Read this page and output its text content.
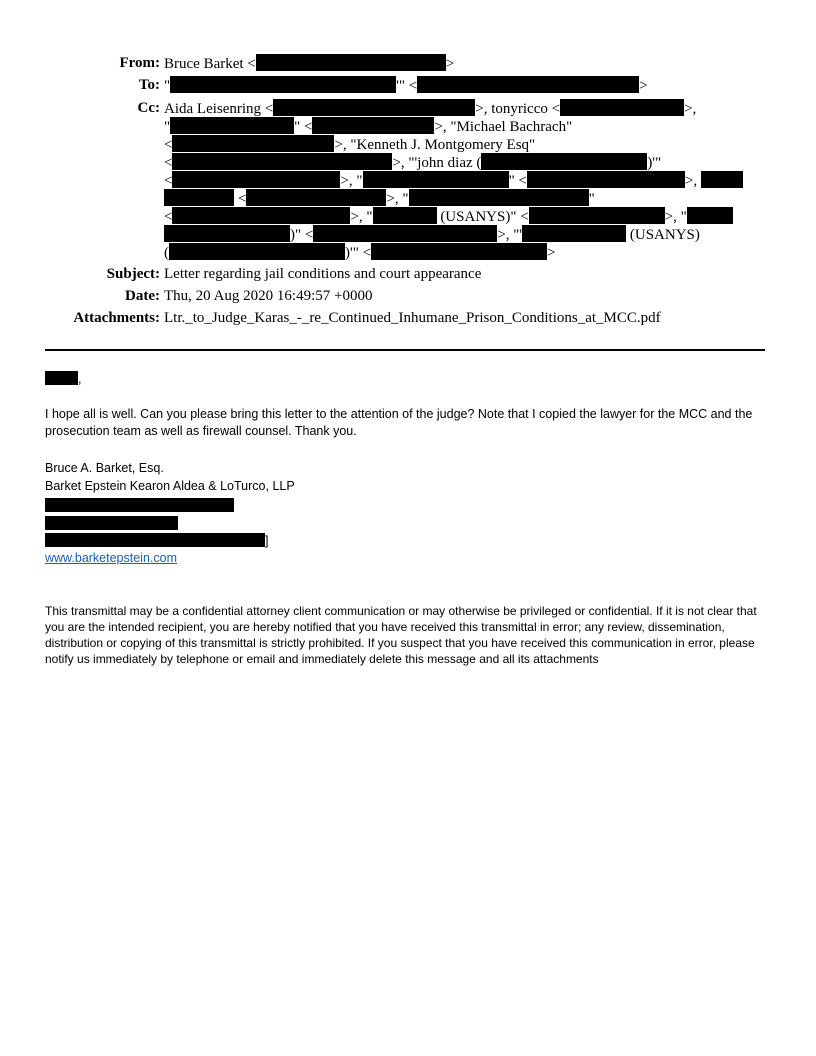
From: Bruce Barket <	>
To: "	'" <	>
Cc: Aida Leisenring <	>, tonyricco <	>,
"	" <	>, "Michael Bachrach"
<	>, "Kenneth J. Montgomery Esq"
<	>, "'john diaz (	)'"
<	>, "	" <	>,
<	>, "	"
<	>, "	(USANYS)" <	>, "
)" <	>, "'	(USANYS)
(	)'" <	>
Subject: Letter regarding jail conditions and court appearance
Date: Thu, 20 Aug 2020 16:49:57 +0000
Attachments: Ltr._to_Judge_Karas_-_re_Continued_Inhumane_Prison_Conditions_at_MCC.pdf
,
I hope all is well. Can you please bring this letter to the attention of the judge? Note that I copied the lawyer for the MCC and the prosecution team as well as firewall counsel. Thank you.
Bruce A. Barket, Esq.
Barket Epstein Kearon Aldea & LoTurco, LLP
]
www.barketepstein.com
This transmittal may be a confidential attorney client communication or may otherwise be privileged or confidential. If it is not clear that you are the intended recipient, you are hereby notified that you have received this transmittal in error; any review, dissemination, distribution or copying of this transmittal is strictly prohibited. If you suspect that you have received this communication in error, please notify us immediately by telephone or email and immediately delete this message and all its attachments
